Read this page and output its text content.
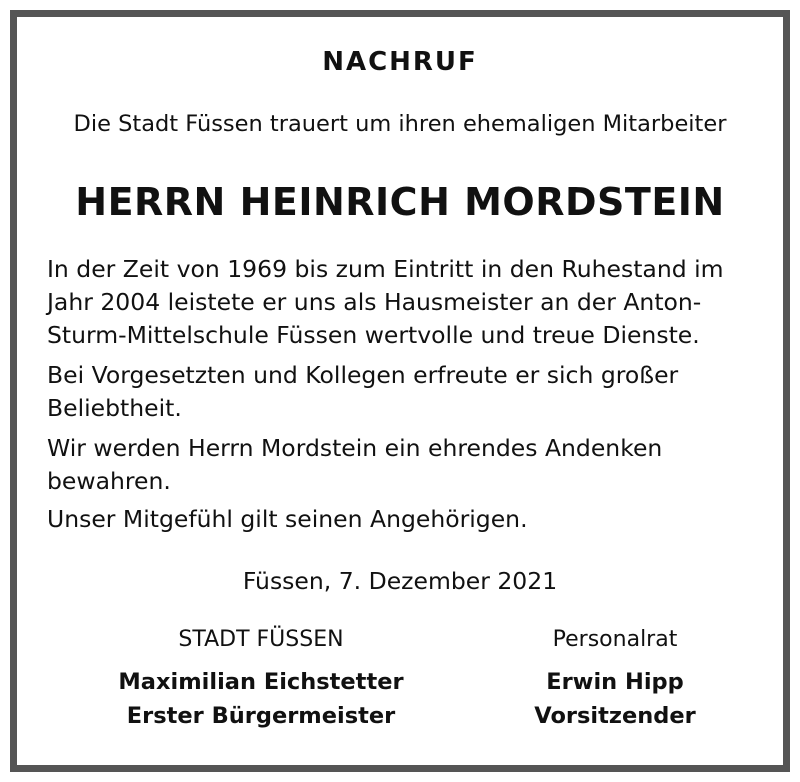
NACHRUF
Die Stadt Füssen trauert um ihren ehemaligen Mitarbeiter
HERRN HEINRICH MORDSTEIN

In der Zeit von 1969 bis zum Eintritt in den Ruhestand im Jahr 2004 leistete er uns als Hausmeister an der Anton-Sturm-Mittelschule Füssen wertvolle und treue Dienste.

Bei Vorgesetzten und Kollegen erfreute er sich großer Beliebtheit.

Wir werden Herrn Mordstein ein ehrendes Andenken bewahren.

Unser Mitgefühl gilt seinen Angehörigen.

Füssen, 7. Dezember 2021
STADT FÜSSEN
Maximilian Eichstetter
Erster Bürgermeister
Personalrat
Erwin Hipp
Vorsitzender
